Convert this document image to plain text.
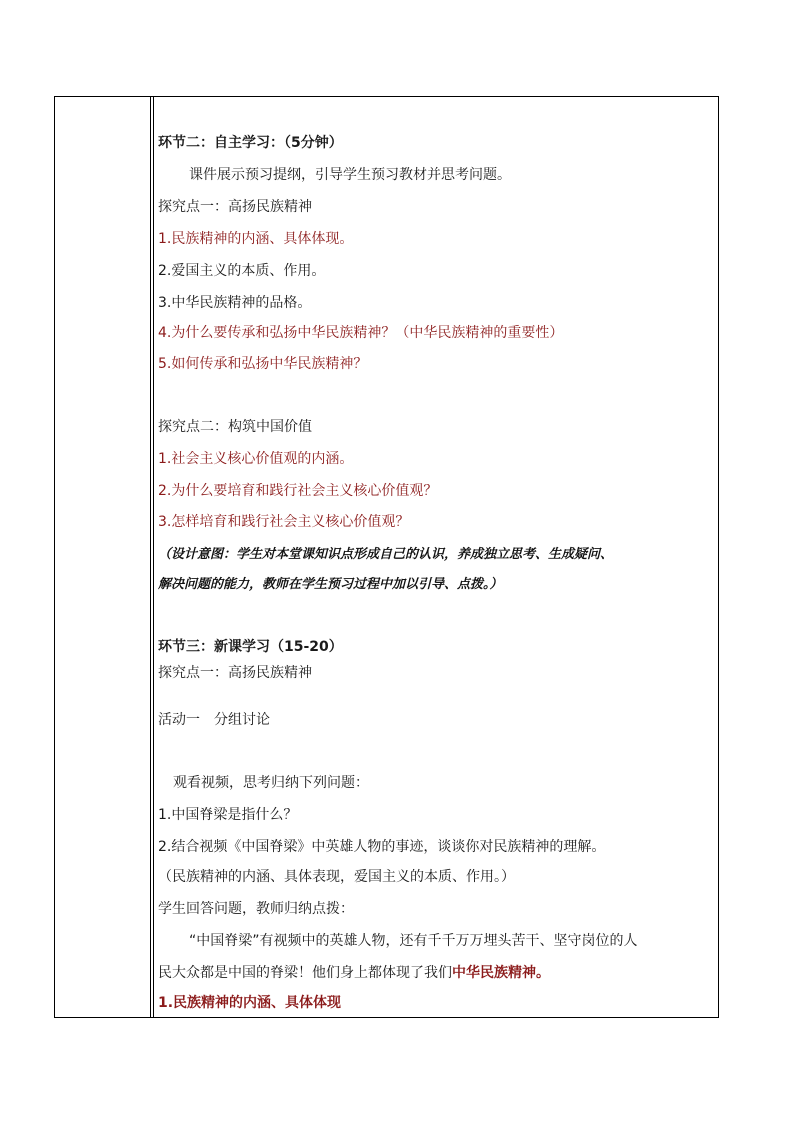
环节二：自主学习：（5分钟）
课件展示预习提纲，引导学生预习教材并思考问题。
探究点一：高扬民族精神
1.民族精神的内涵、具体体现。
2.爱国主义的本质、作用。
3.中华民族精神的品格。
4.为什么要传承和弘扬中华民族精神？（中华民族精神的重要性）
5.如何传承和弘扬中华民族精神？
探究点二：构筑中国价值
1.社会主义核心价值观的内涵。
2.为什么要培育和践行社会主义核心价值观？
3.怎样培育和践行社会主义核心价值观？
（设计意图：学生对本堂课知识点形成自己的认识，养成独立思考、生成疑问、
解决问题的能力，教师在学生预习过程中加以引导、点拨。）
环节三：新课学习（15-20）
探究点一：高扬民族精神
活动一　分组讨论
观看视频，思考归纳下列问题：
1.中国脊梁是指什么？
2.结合视频《中国脊梁》中英雄人物的事迹，谈谈你对民族精神的理解。
（民族精神的内涵、具体表现，爱国主义的本质、作用。）
学生回答问题，教师归纳点拨：
“中国脊梁”有视频中的英雄人物，还有千千万万埋头苦干、坚守岗位的人
民大众都是中国的脊梁！他们身上都体现了我们中华民族精神。
1.民族精神的内涵、具体体现
